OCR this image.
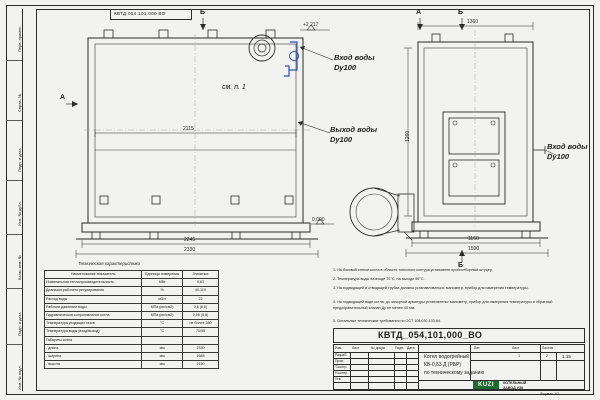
Перв. примен.
Справ. №
Подп. и дата
Инв. № дубл.
Взам. инв. №
Подп. и дата
Инв. № подл.
КВТД.054.101.000 ВО	Б
А
А	Б
Б
см. п. 1
Вход воды
Dy100
Выход воды
Dy100
Вход воды
Dy100
2115
2245
2330
+2 217
0.000
1360
1260
1160
1590
Техническая характеристика
Наименование показателя	Единицы измерения	Значение
Номинальная теплопроизводительность	МВт	0,63
Диапазон рабочего регулирования	%	40-110
Расход воды	м3/ч	22
Рабочее давление воды	МПа (кгс/см2)	0,6 (6,0)
Гидравлическое сопротивление котла	МПа (кгс/см2)	0,06 (0,6)
Температура уходящих газов	°С	не более 280
Температура воды (вход/выход)	°С	70/95
Габариты котла		
- длина	мм	2330
- ширина	мм	1685
- высота	мм	2150
1. На боковой стенке котла в области топочного контура установлен пробоотборный штуцер.
2. Температура воды на входе 70°С, на выходе 95°С.
3. На подводящей и отводящей трубах должны устанавливаться: манометр, прибор для измерения температуры.
4. На подводящей воде котла, до запорной арматуры установлены: манометр, прибор для измерения температуры и обратный предохранительный клапан Ду не менее 40 мм.
5. Остальные технические требования по ОСТ 108.030.133-84.
КВТД_054,101,000_ВО
Изм.	Лист	№ докум.	Подп. Дата
Разраб.
Пров.
Т.контр.
Н.контр.
Утв.
Котел водогрейный
КВ-0,63 Д (РБР)
по техническому заданию
Лит.	Лист	Листов
1	2	1:15
KUZI	КОТЕЛЬНЫЙ
ЗАВОД УЗК
Формат  А3
